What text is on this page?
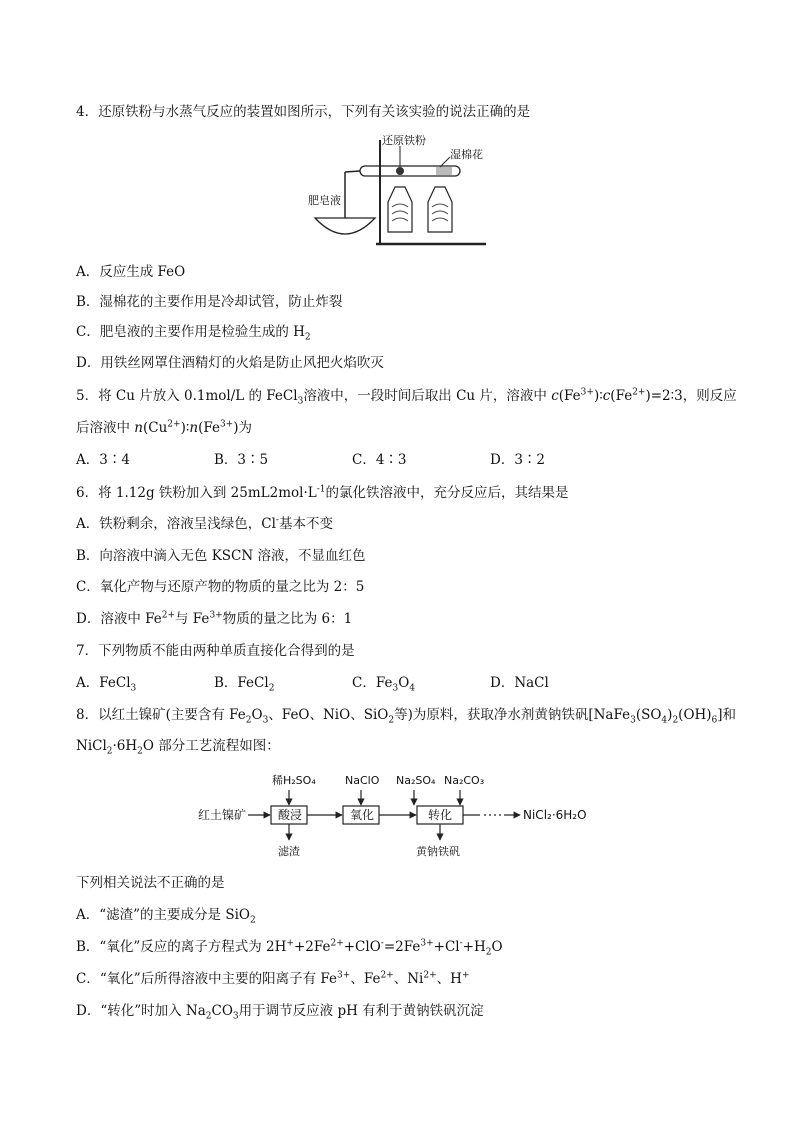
4．还原铁粉与水蒸气反应的装置如图所示，下列有关该实验的说法正确的是
还原铁粉
湿棉花
肥皂液
A．反应生成 FeO
B．湿棉花的主要作用是冷却试管，防止炸裂
C．肥皂液的主要作用是检验生成的 $H_2$
D．用铁丝网罩住酒精灯的火焰是防止风把火焰吹灭
5．将 Cu 片放入 0.1mol/L 的 FeCl$_3$溶液中，一段时间后取出 Cu 片，溶液中 $c(Fe^{3+})∶c(Fe^{2+})=2∶3$，则反应
后溶液中 $n(Cu^{2+})∶n(Fe^{3+})$为
A．3∶4	B．3∶5	C．4∶3	D．3∶2
6．将 1.12g 铁粉加入到 $25mL2mol\cdot L^{-1}$的氯化铁溶液中，充分反应后，其结果是
A．铁粉剩余，溶液呈浅绿色，Cl-基本不变
B．向溶液中滴入无色 KSCN 溶液，不显血红色
C．氧化产物与还原产物的物质的量之比为 2：5
D．溶液中 $Fe^{2+}$与 $Fe^{3+}$物质的量之比为 6：1
7．下列物质不能由两种单质直接化合得到的是
A．FeCl$_3$	B．FeCl$_2$	C．$Fe_3O_4$	D．NaCl
8．以红土镍矿(主要含有 $Fe_2O_3$、FeO、NiO、SiO$_2$等)为原料，获取净水剂黄钠铁矾$[NaFe_3(SO_4)_2(OH)_6]$和
$NiCl_2\cdot 6H_2O$ 部分工艺流程如图：
稀H₂SO₄	NaClO Na₂SO₄ Na₂CO₃
红土镍矿	酸浸	氧化	转化	NiCl₂·6H₂O
滤渣	黄钠铁矾
下列相关说法不正确的是
A．“滤渣”的主要成分是 SiO$_2$
B．“氧化”反应的离子方程式为 $2H^++2Fe^{2+}+ClO^-=2Fe^{3+}+Cl^-+H_2O$
C．“氧化”后所得溶液中主要的阳离子有 $Fe^{3+}$、$Fe^{2+}$、$Ni^{2+}$、H+
D．“转化”时加入 $Na_2CO_3$用于调节反应液 pH 有利于黄钠铁矾沉淀
